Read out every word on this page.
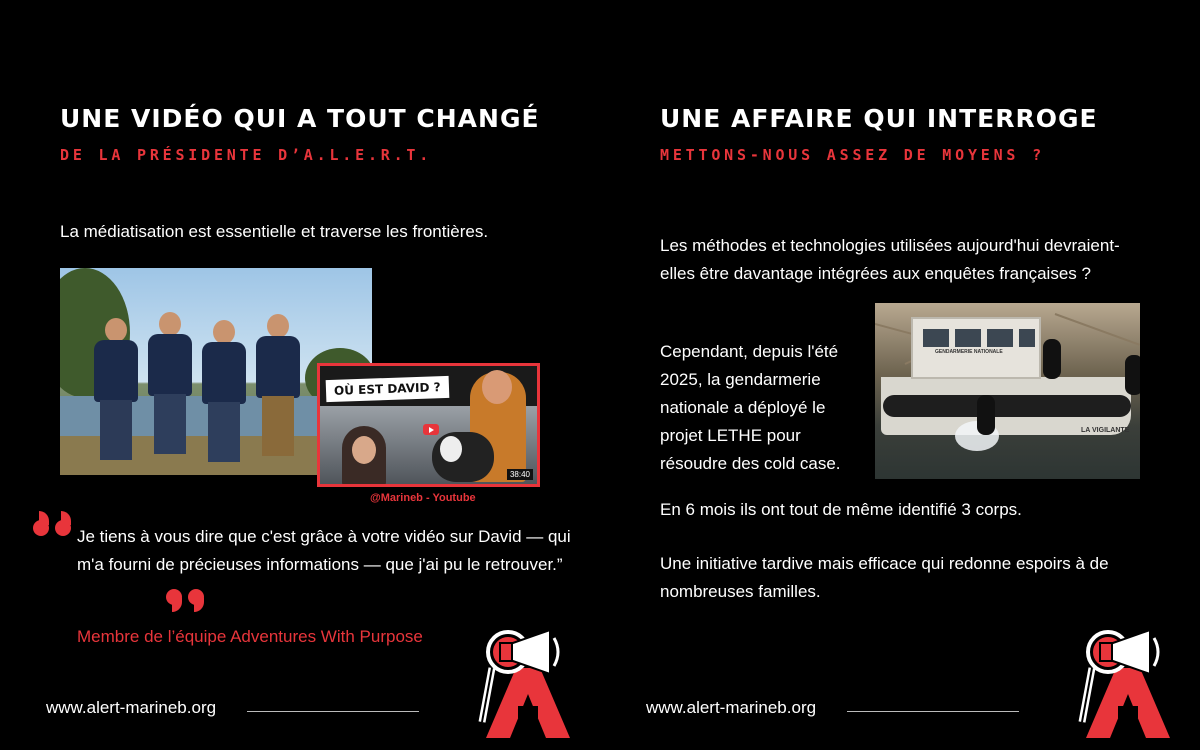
UNE VIDÉO QUI A TOUT CHANGÉ
DE LA PRÉSIDENTE D’A.L.E.R.T.

La médiatisation est essentielle et traverse les frontières.

OÙ EST DAVID ?
38:40
@Marineb - Youtube

Je tiens à vous dire que c'est grâce à votre vidéo sur David — qui m'a fourni de précieuses informations — que j'ai pu le retrouver.”

Membre de l’équipe Adventures With Purpose

www.alert-marineb.org
UNE AFFAIRE QUI INTERROGE
METTONS-NOUS ASSEZ DE MOYENS ?

Les méthodes et technologies utilisées aujourd'hui devraient-elles être davantage intégrées aux enquêtes françaises ?

Cependant, depuis l'été 2025, la gendarmerie nationale a déployé le projet LETHE pour résoudre des cold case.

En 6 mois ils ont tout de même identifié 3 corps.

Une initiative tardive mais efficace qui redonne espoirs à de nombreuses familles.

www.alert-marineb.org
LA VIGILANTE
GENDARMERIE NATIONALE
